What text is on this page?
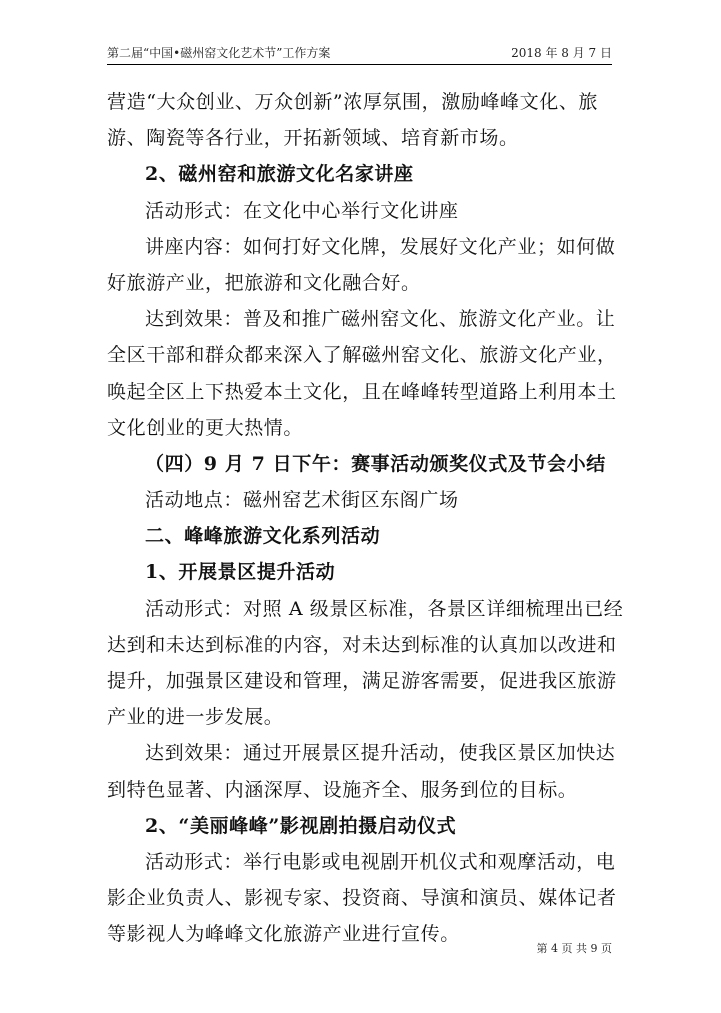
第二届“中国•磁州窑文化艺术节”工作方案	2018 年 8 月 7 日
营造“大众创业、万众创新”浓厚氛围，激励峰峰文化、旅
游、陶瓷等各行业，开拓新领域、培育新市场。
2、磁州窑和旅游文化名家讲座
活动形式：在文化中心举行文化讲座
讲座内容：如何打好文化牌，发展好文化产业；如何做
好旅游产业，把旅游和文化融合好。
达到效果：普及和推广磁州窑文化、旅游文化产业。让
全区干部和群众都来深入了解磁州窑文化、旅游文化产业，
唤起全区上下热爱本土文化，且在峰峰转型道路上利用本土
文化创业的更大热情。
（四）9 月 7 日下午：赛事活动颁奖仪式及节会小结
活动地点：磁州窑艺术街区东阁广场
二、峰峰旅游文化系列活动
1、开展景区提升活动
活动形式：对照 A 级景区标准，各景区详细梳理出已经
达到和未达到标准的内容，对未达到标准的认真加以改进和
提升，加强景区建设和管理，满足游客需要，促进我区旅游
产业的进一步发展。
达到效果：通过开展景区提升活动，使我区景区加快达
到特色显著、内涵深厚、设施齐全、服务到位的目标。
2、“美丽峰峰”影视剧拍摄启动仪式
活动形式：举行电影或电视剧开机仪式和观摩活动，电
影企业负责人、影视专家、投资商、导演和演员、媒体记者
等影视人为峰峰文化旅游产业进行宣传。
第 4 页 共 9 页
